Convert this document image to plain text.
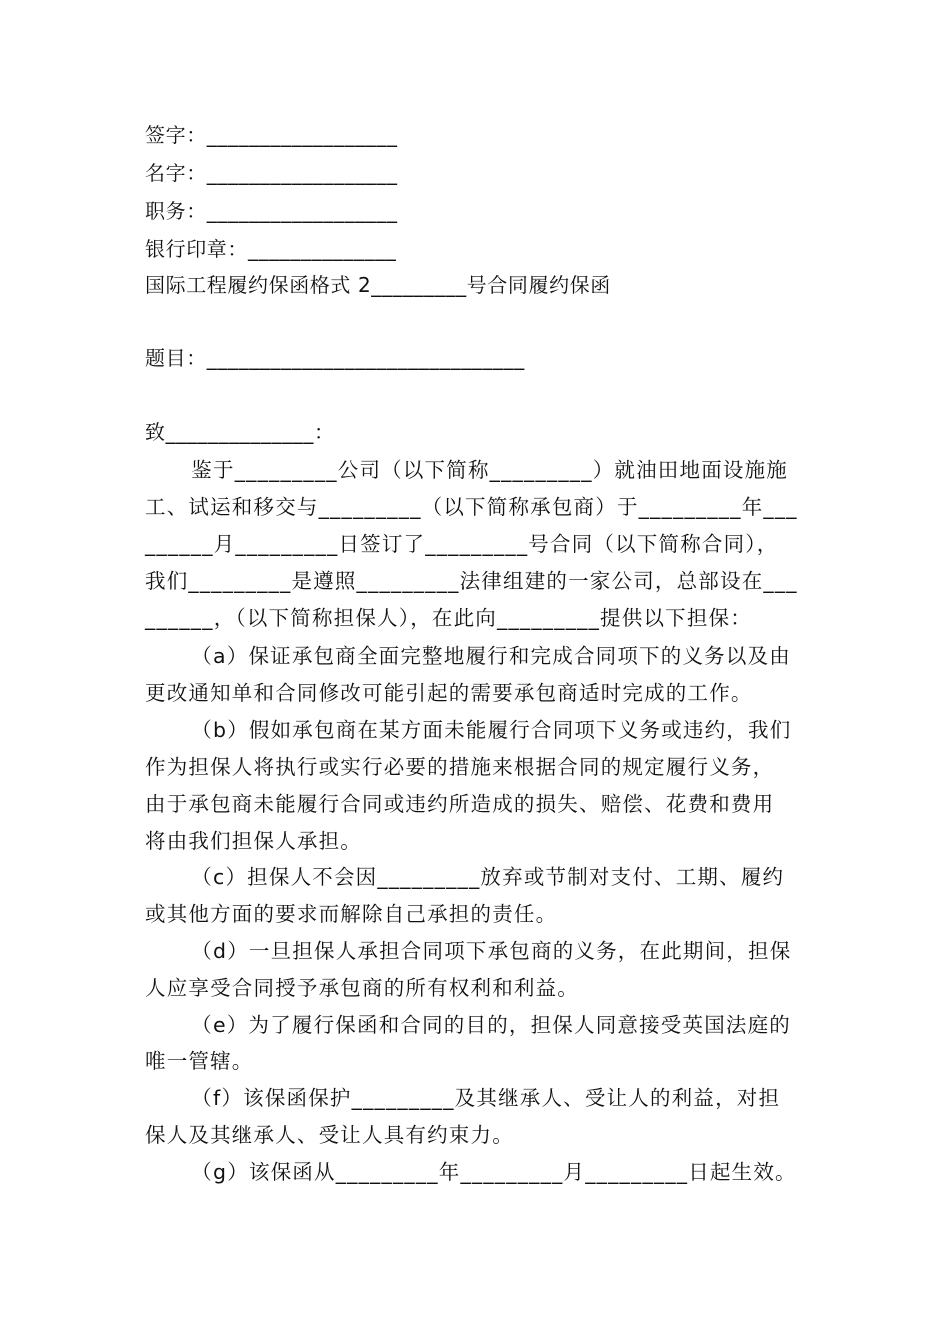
签字：__________________

名字：__________________

职务：__________________

银行印章：______________

国际工程履约保函格式 2_________号合同履约保函

题目：______________________________

致______________：

鉴于_________公司（以下简称_________）就油田地面设施施

工、试运和移交与_________（以下简称承包商）于_________年___

______月_________日签订了_________号合同（以下简称合同），

我们_________是遵照_________法律组建的一家公司，总部设在___

______，（以下简称担保人），在此向_________提供以下担保：

（a）保证承包商全面完整地履行和完成合同项下的义务以及由

更改通知单和合同修改可能引起的需要承包商适时完成的工作。

（b）假如承包商在某方面未能履行合同项下义务或违约，我们

作为担保人将执行或实行必要的措施来根据合同的规定履行义务，

由于承包商未能履行合同或违约所造成的损失、赔偿、花费和费用

将由我们担保人承担。

（c）担保人不会因_________放弃或节制对支付、工期、履约

或其他方面的要求而解除自己承担的责任。

（d）一旦担保人承担合同项下承包商的义务，在此期间，担保

人应享受合同授予承包商的所有权利和利益。

（e）为了履行保函和合同的目的，担保人同意接受英国法庭的

唯一管辖。

（f）该保函保护_________及其继承人、受让人的利益，对担

保人及其继承人、受让人具有约束力。

（g）该保函从_________年_________月_________日起生效。
